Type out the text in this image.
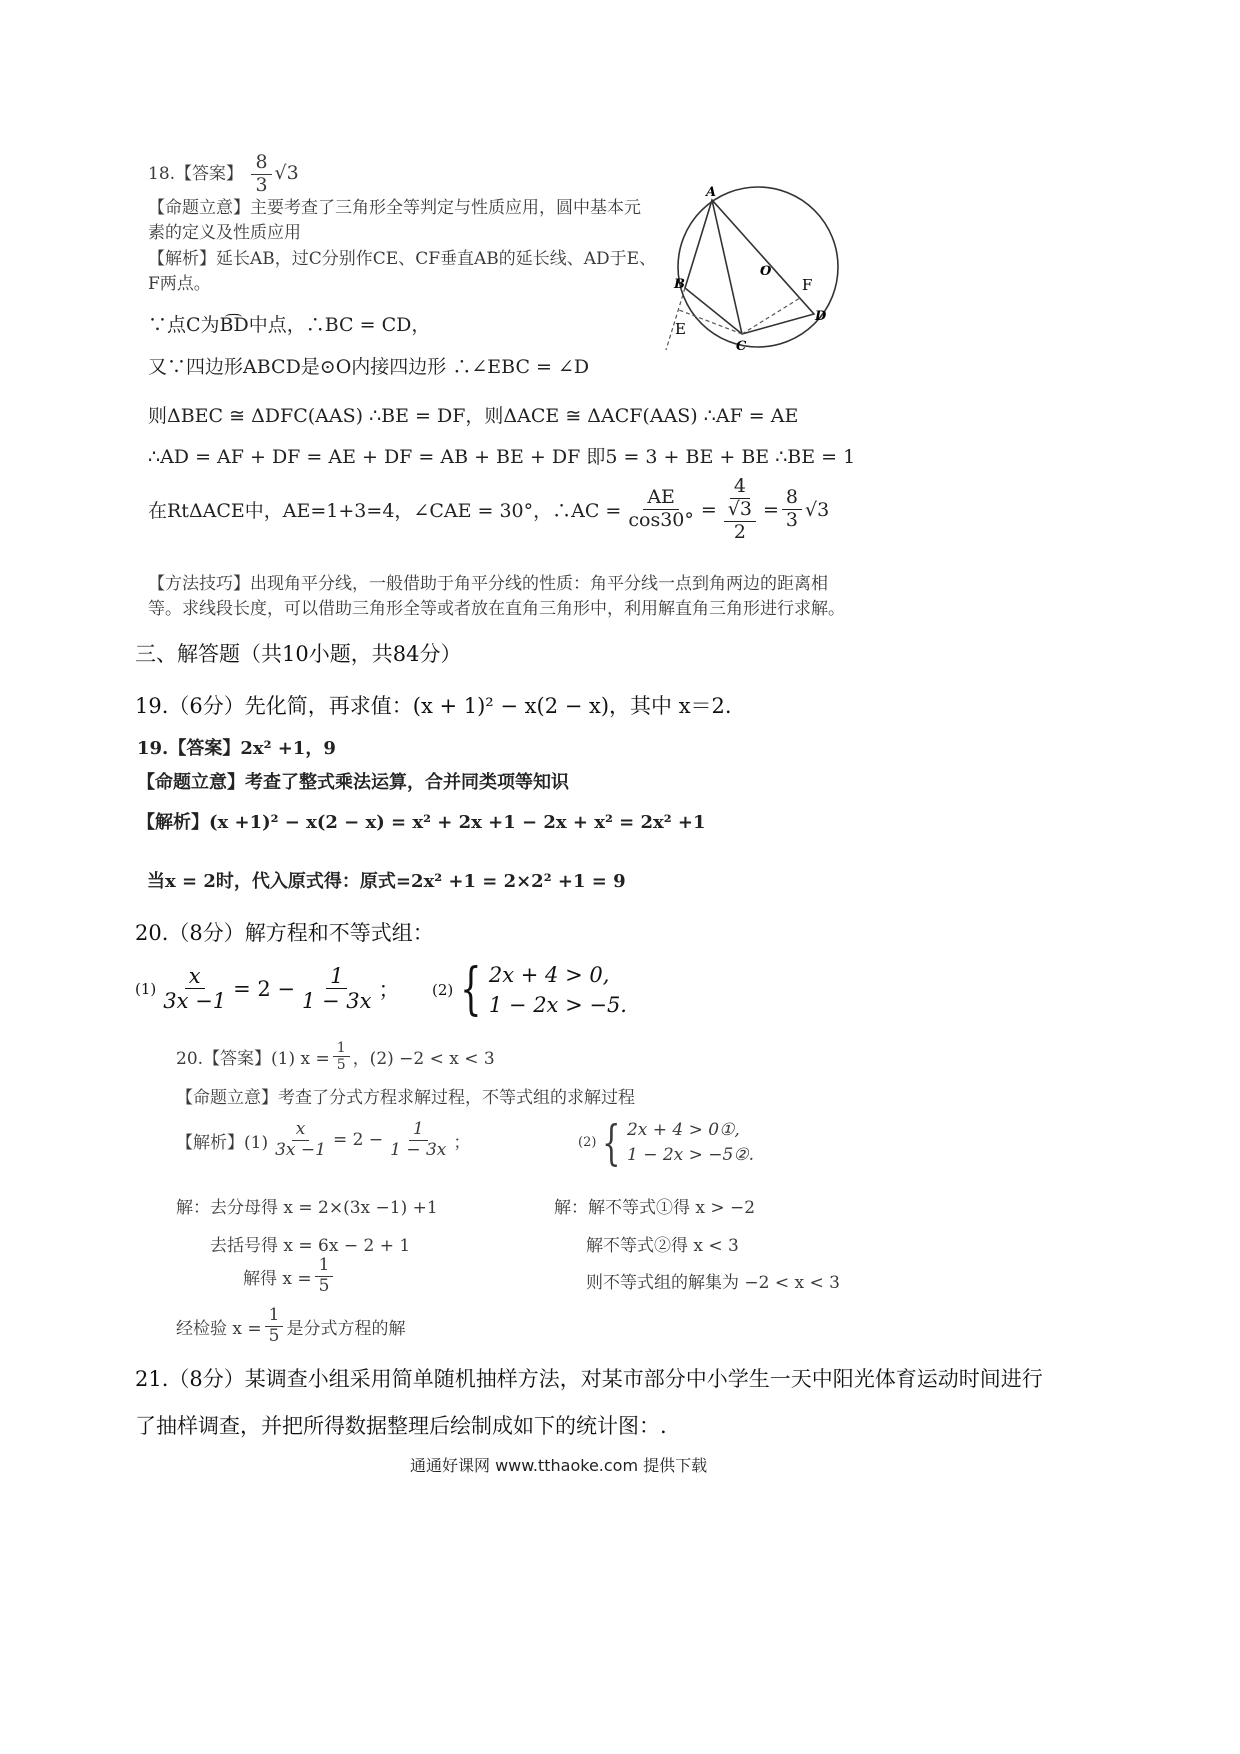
18.【答案】 $\frac{8}{3} √3$
【命题立意】主要考查了三角形全等判定与性质应用，圆中基本元
素的定义及性质应用
【解析】延长AB，过C分别作CE、CF垂直AB的延长线、AD于E、
F两点。
∵点C为B͡D中点，∴BC = CD，
又∵四边形ABCD是⊙O内接四边形 ∴∠EBC = ∠D
则ΔBEC ≅ ΔDFC(AAS) ∴BE = DF，则ΔACE ≅ ΔACF(AAS) ∴AF = AE
∴AD = AF + DF = AE + DF = AB + BE + DF 即5 = 3 + BE + BE ∴BE = 1
在RtΔACE中，AE=1+3=4，∠CAE = 30°，∴AC = $\frac{AE}{\cos 30^\circ} = \frac{4}{\frac{√3}{2}} = \frac{8}{3} √3$
【方法技巧】出现角平分线，一般借助于角平分线的性质：角平分线一点到角两边的距离相
等。求线段长度，可以借助三角形全等或者放在直角三角形中，利用解直角三角形进行求解。
A
B
O
F
D
C
E
三、解答题（共10小题，共84分）
19.（6分）先化简，再求值：(x + 1)² − x(2 − x)，其中 x＝2.
19.【答案】2x² +1，9
【命题立意】考查了整式乘法运算，合并同类项等知识
【解析】(x +1)² − x(2 − x) = x² + 2x +1 − 2x + x² = 2x² +1
当x = 2时，代入原式得：原式=2x² +1 = 2×2² +1 = 9
20.（8分）解方程和不等式组：
$(1) \frac{x}{3x -1} = 2 - \frac{1}{1 - 3x}$ ； (2) { 2x + 4 > 0,
1 − 2x > −5.
20.【答案】(1) $x = \frac{1}{5}$ ，(2) −2 < x < 3
【命题立意】考查了分式方程求解过程，不等式组的求解过程
【解析】$(1) \frac{x}{3x -1} = 2 - \frac{1}{1 - 3x}$ ；	(2) { 2x + 4 > 0①,
1 − 2x > −5②.
解：去分母得 x = 2×(3x −1) +1
去括号得 x = 6x − 2 + 1
解得 $x = \frac{1}{5}$
经检验 $x = \frac{1}{5}$ 是分式方程的解
解：解不等式①得 x > −2
解不等式②得 x < 3
则不等式组的解集为 −2 < x < 3
21.（8分）某调查小组采用简单随机抽样方法，对某市部分中小学生一天中阳光体育运动时间进行
了抽样调查，并把所得数据整理后绘制成如下的统计图：.
通通好课网 www.tthaoke.com 提供下载
